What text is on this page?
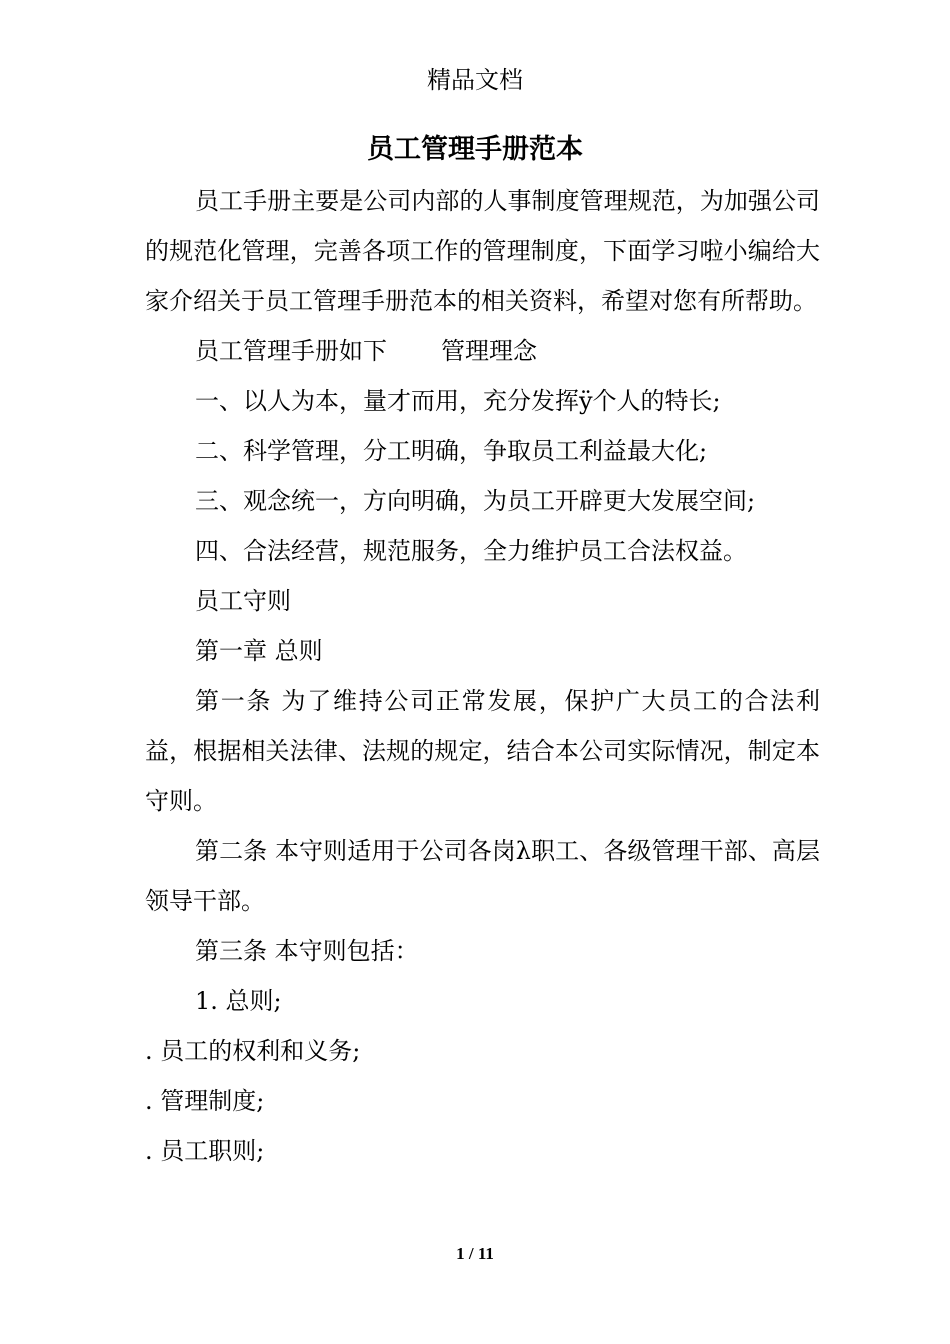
精品文档
员工管理手册范本

员工手册主要是公司内部的人事制度管理规范，为加强公司的规范化管理，完善各项工作的管理制度，下面学习啦小编给大家介绍关于员工管理手册范本的相关资料，希望对您有所帮助。

员工管理手册如下 管理理念

一、以人为本，量才而用，充分发挥ÿ个人的特长;

二、科学管理，分工明确，争取员工利益最大化;

三、观念统一，方向明确，为员工开辟更大发展空间;

四、合法经营，规范服务，全力维护员工合法权益。

员工守则

第一章 总则

第一条 为了维持公司正常发展，保护广大员工的合法利益，根据相关法律、法规的规定，结合本公司实际情况，制定本守则。

第二条 本守则适用于公司各岗λ职工、各级管理干部、高层领导干部。

第三条 本守则包括：

1. 总则;

. 员工的权利和义务;

. 管理制度;

. 员工职则;

1 / 11
